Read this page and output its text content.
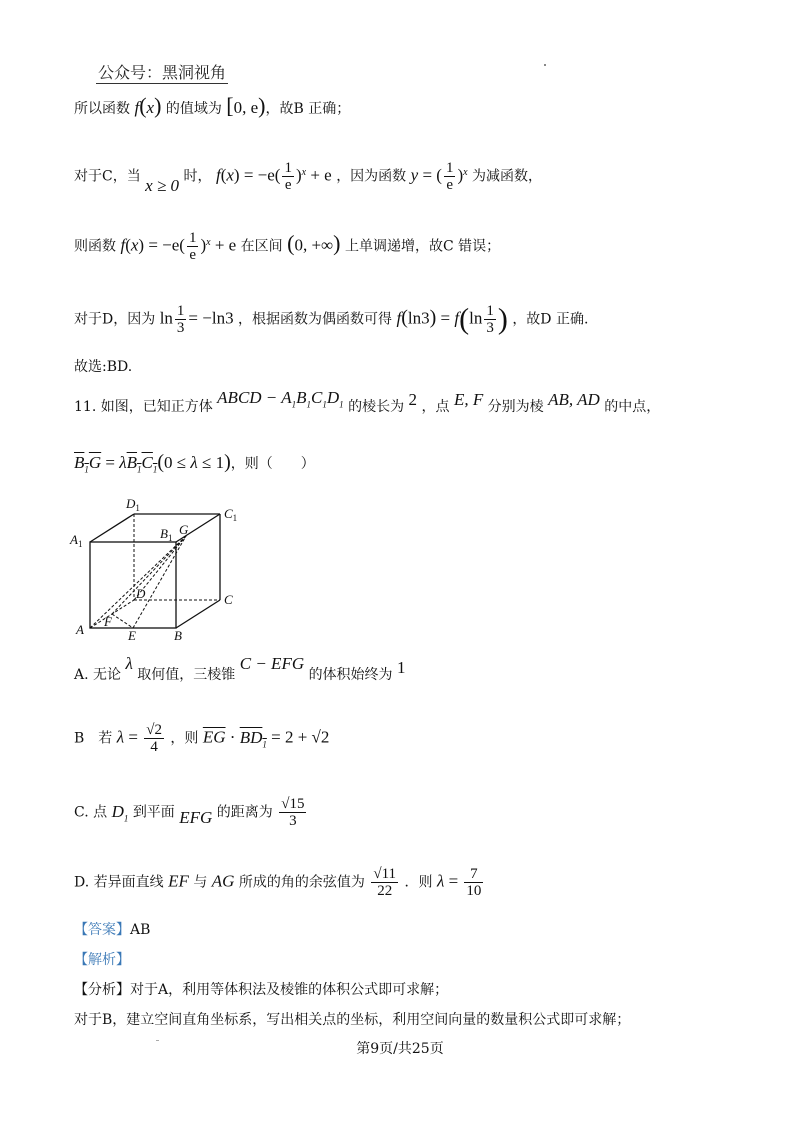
公众号：黑洞视角
所以函数 f(x) 的值域为 [0, e)，故B 正确；
对于C，当 x ≥ 0 时， $f(x) = -e( \frac{1}{e} )^x + e$ ，因为函数 y = ( $\frac{1}{e} )^x$ 为减函数，
则函数 $f(x) = -e( \frac{1}{e} )^x + e$ 在区间 (0, +∞) 上单调递增，故C 错误；
对于D，因为 $\ln \frac{1}{3} = -\ln 3$ ，根据函数为偶函数可得 $f(\ln 3) = f(\ln \frac{1}{3}$ ) ，故D 正确.
故选:BD.
11. 如图，已知正方体 ABCD − $A_1B_1C_1D_1$ 的棱长为 2 ，点 E, F 分别为棱 AB, AD 的中点，
$B_1G = \lambda B_1C_1(0 \le \lambda \le 1)$，则（　　）
$D_1$	$C_1$
$A_1$
$B_1$
G
D	C
A
F
E	B
A. 无论 λ 取何值，三棱锥 C − EFG 的体积始终为 1
B　若 $\lambda = \frac{√2}{4}$ ，则 $\overline{EG} \cdot BD_1 = 2 + √2$
C. 点 $D_1$ 到平面 EFG 的距离为 $\frac{√15}{3}$
D. 若异面直线 EF 与 AG 所成的角的余弦值为 $\frac{√11}{22}$ ．则 $\lambda = \frac{7}{10}$
【答案】AB
【解析】
【分析】对于A，利用等体积法及棱锥的体积公式即可求解；
对于B，建立空间直角坐标系，写出相关点的坐标，利用空间向量的数量积公式即可求解；
第9页/共25页
